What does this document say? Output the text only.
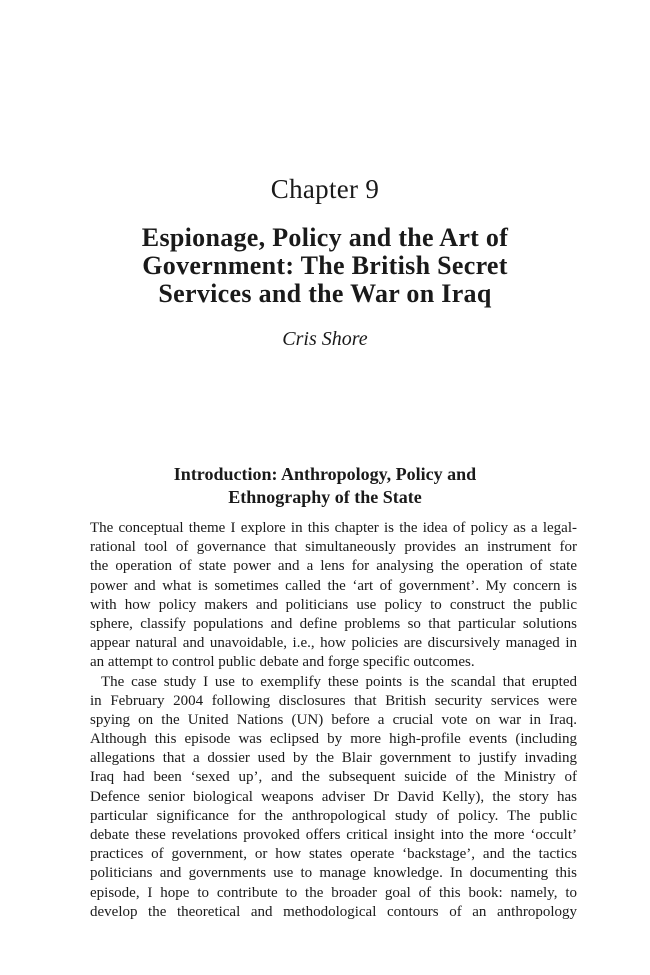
Chapter 9
Espionage, Policy and the Art of
Government: The British Secret
Services and the War on Iraq
Cris Shore
Introduction: Anthropology, Policy and
Ethnography of the State
The conceptual theme I explore in this chapter is the idea of policy as a legal-
rational tool of governance that simultaneously provides an instrument for
the operation of state power and a lens for analysing the operation of state
power and what is sometimes called the ‘art of government’. My concern is
with how policy makers and politicians use policy to construct the public
sphere, classify populations and define problems so that particular solutions
appear natural and unavoidable, i.e., how policies are discursively managed in
an attempt to control public debate and forge specific outcomes.
The case study I use to exemplify these points is the scandal that erupted
in February 2004 following disclosures that British security services were
spying on the United Nations (UN) before a crucial vote on war in Iraq.
Although this episode was eclipsed by more high-profile events (including
allegations that a dossier used by the Blair government to justify invading
Iraq had been ‘sexed up’, and the subsequent suicide of the Ministry of
Defence senior biological weapons adviser Dr David Kelly), the story has
particular significance for the anthropological study of policy. The public
debate these revelations provoked offers critical insight into the more ‘occult’
practices of government, or how states operate ‘backstage’, and the tactics
politicians and governments use to manage knowledge. In documenting this
episode, I hope to contribute to the broader goal of this book: namely, to
develop the theoretical and methodological contours of an anthropology
